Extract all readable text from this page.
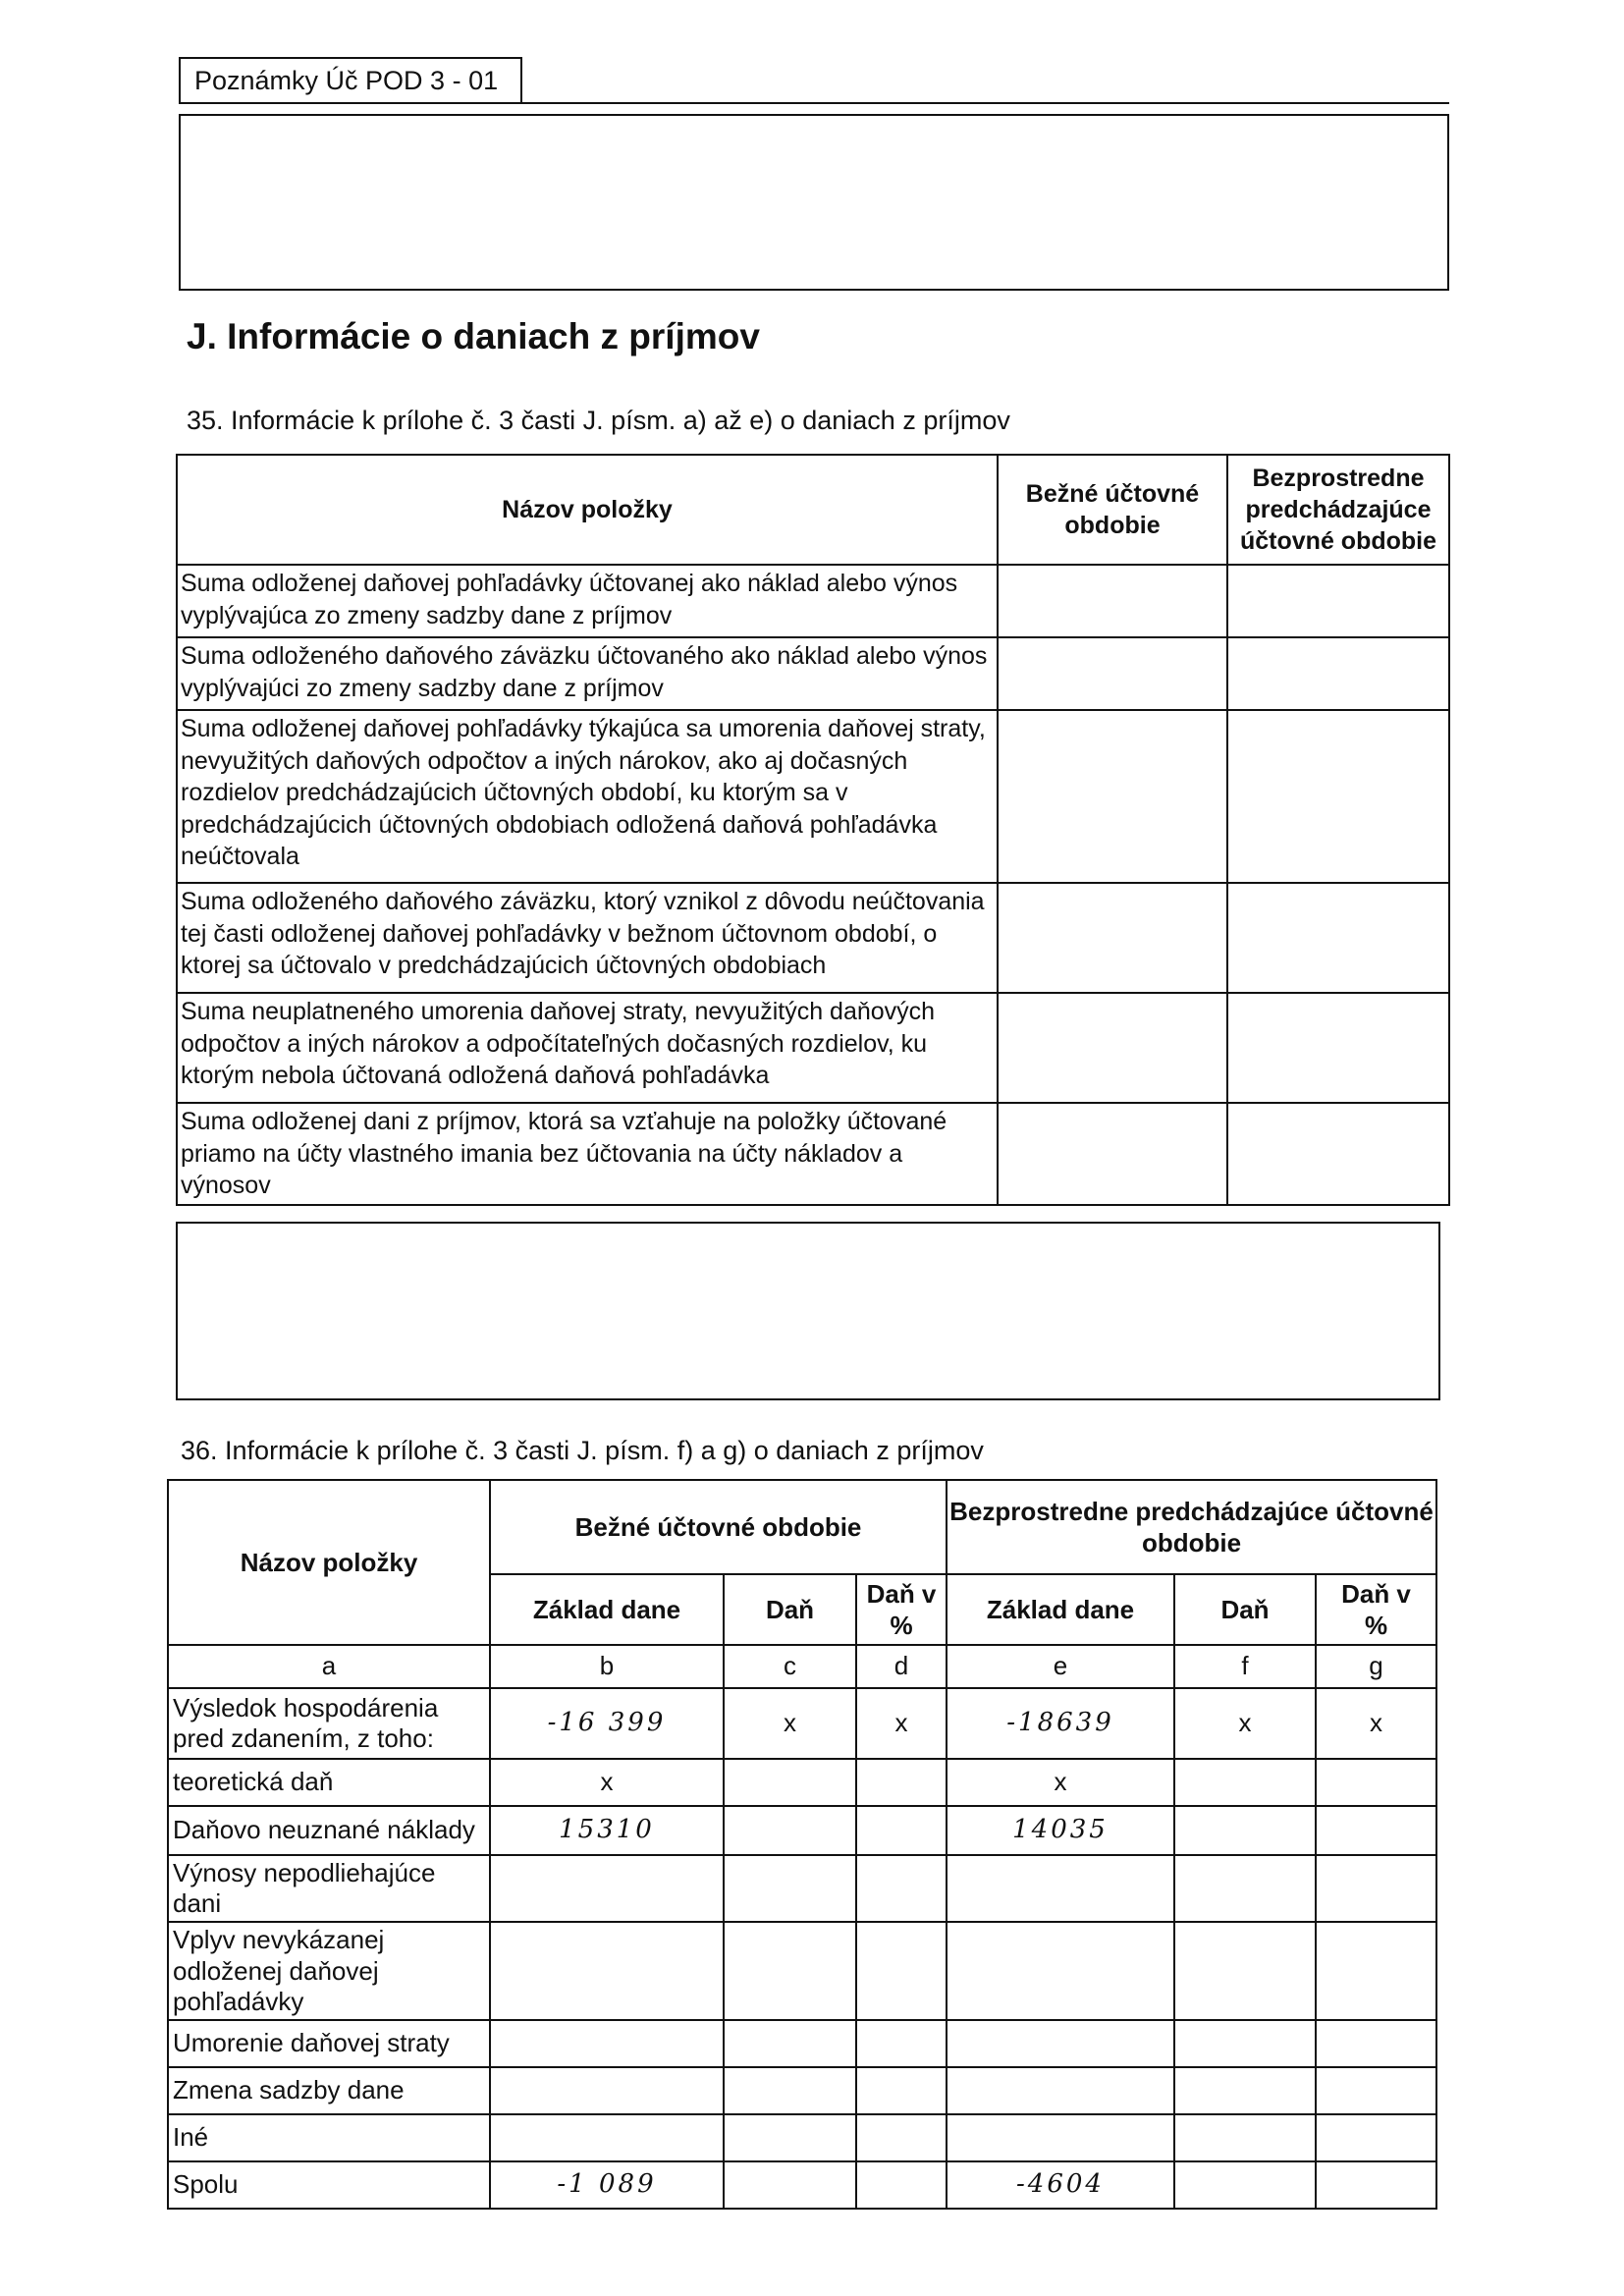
Poznámky Úč POD 3 - 01
J. Informácie o daniach z príjmov
35. Informácie k prílohe č. 3 časti J. písm. a) až e) o daniach z príjmov
Názov položky	Bežné účtovné obdobie	Bezprostredne predchádzajúce účtovné obdobie
Suma odloženej daňovej pohľadávky účtovanej ako náklad alebo výnos vyplývajúca zo zmeny sadzby dane z príjmov		
Suma odloženého daňového záväzku účtovaného ako náklad alebo výnos vyplývajúci zo zmeny sadzby dane z príjmov		
Suma odloženej daňovej pohľadávky týkajúca sa umorenia daňovej straty, nevyužitých daňových odpočtov a iných nárokov, ako aj dočasných rozdielov predchádzajúcich účtovných období, ku ktorým sa v predchádzajúcich účtovných obdobiach odložená daňová pohľadávka neúčtovala		
Suma odloženého daňového záväzku, ktorý vznikol z dôvodu neúčtovania tej časti odloženej daňovej pohľadávky v bežnom účtovnom období, o ktorej sa účtovalo v predchádzajúcich účtovných obdobiach		
Suma neuplatneného umorenia daňovej straty, nevyužitých daňových odpočtov a iných nárokov a odpočítateľných dočasných rozdielov, ku ktorým nebola účtovaná odložená daňová pohľadávka		
Suma odloženej dani z príjmov, ktorá sa vzťahuje na položky účtované priamo na účty vlastného imania bez účtovania na účty nákladov a výnosov		
36. Informácie k prílohe č. 3 časti J. písm. f) a g) o daniach z príjmov
Názov položky	Bežné účtovné obdobie			Bezprostredne predchádzajúce účtovné obdobie		
	Základ dane	Daň	Daň v %	Základ dane	Daň	Daň v %
a	b	c	d	e	f	g
Výsledok hospodárenia pred zdanením, z toho:	-16 399	x	x	-18639	x	x
teoretická daň	x			x		
Daňovo neuznané náklady	15310			14035		
Výnosy nepodliehajúce dani						
Vplyv nevykázanej odloženej daňovej pohľadávky						
Umorenie daňovej straty						
Zmena sadzby dane						
Iné						
Spolu	-1 089			-4604		
